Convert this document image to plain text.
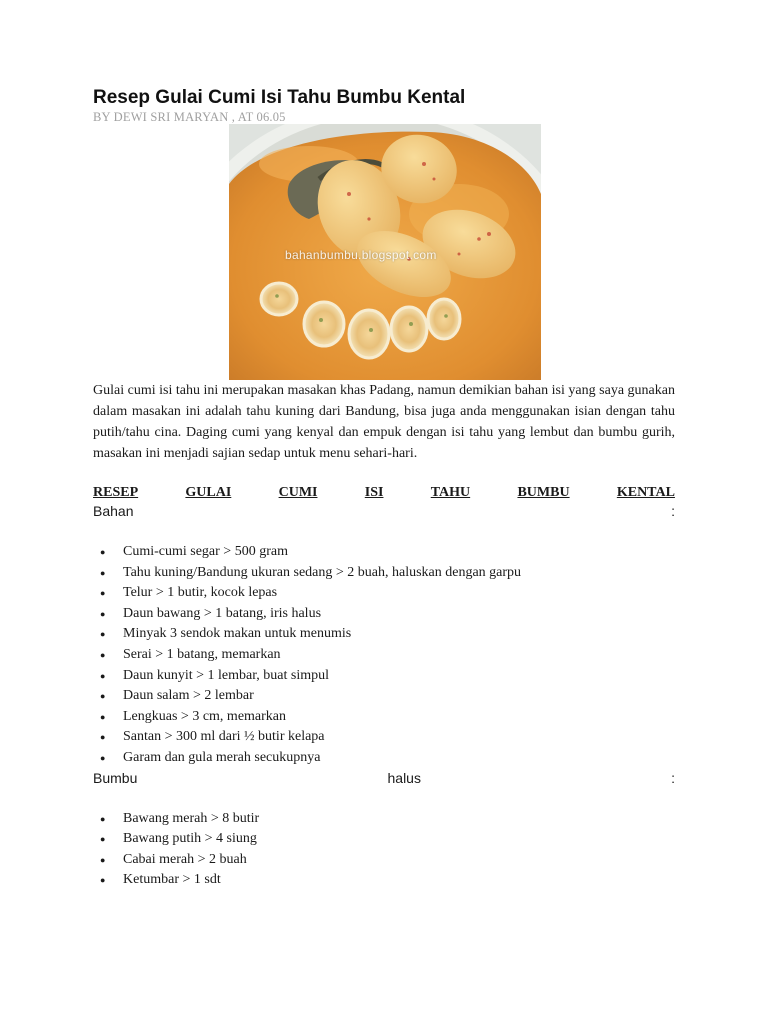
Resep Gulai Cumi Isi Tahu Bumbu Kental

BY DEWI SRI MARYAN , AT 06.05

bahanbumbu.blogspot.com

Gulai cumi isi tahu ini merupakan masakan khas Padang, namun demikian bahan isi yang saya gunakan dalam masakan ini adalah tahu kuning dari Bandung, bisa juga anda menggunakan isian dengan tahu putih/tahu cina. Daging cumi yang kenyal dan empuk dengan isi tahu yang lembut dan bumbu gurih, masakan ini menjadi sajian sedap untuk menu sehari-hari.

RESEP	GULAI	CUMI	ISI	TAHU	BUMBU	KENTAL
Bahan	:
● Cumi-cumi segar > 500 gram
● Tahu kuning/Bandung ukuran sedang > 2 buah, haluskan dengan garpu
● Telur > 1 butir, kocok lepas
● Daun bawang > 1 batang, iris halus
● Minyak 3 sendok makan untuk menumis
● Serai > 1 batang, memarkan
● Daun kunyit > 1 lembar, buat simpul
● Daun salam > 2 lembar
● Lengkuas > 3 cm, memarkan
● Santan > 300 ml dari ½ butir kelapa
● Garam dan gula merah secukupnya
Bumbu	halus	:
● Bawang merah > 8 butir
● Bawang putih > 4 siung
● Cabai merah > 2 buah
● Ketumbar > 1 sdt
